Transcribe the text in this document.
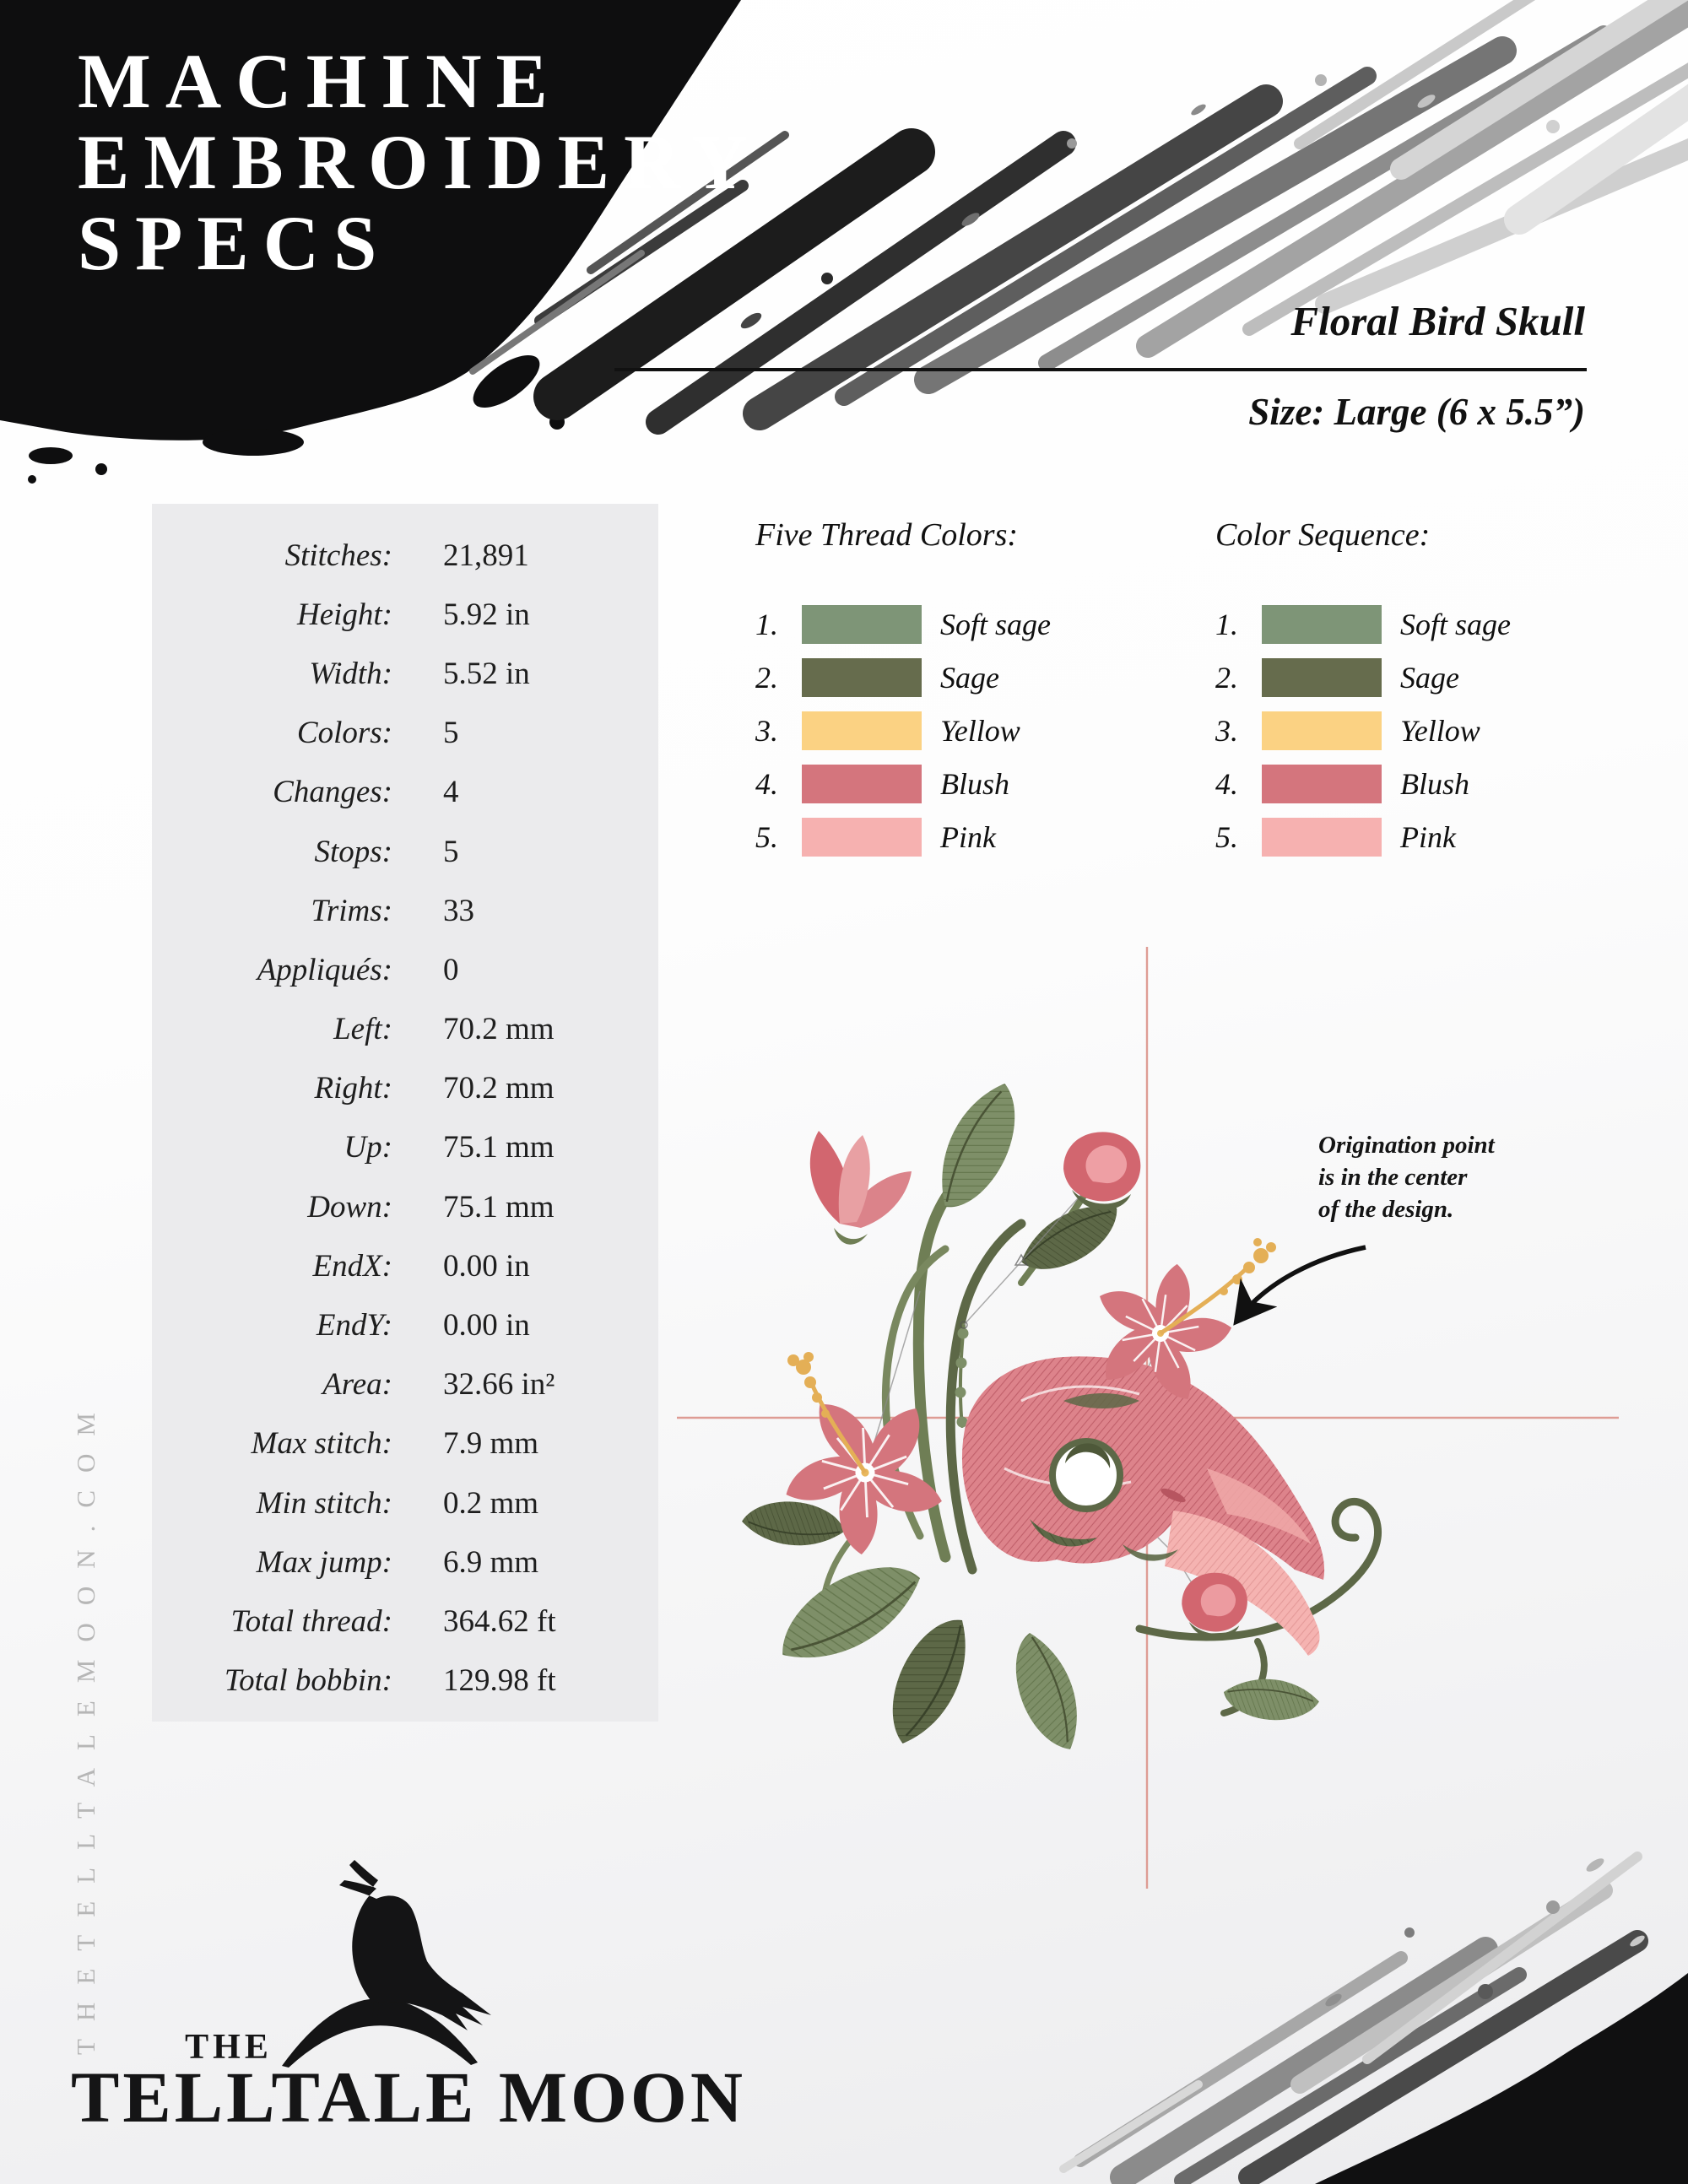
MACHINE
EMBROIDERY
SPECS
Floral Bird Skull
Size: Large (6 x 5.5”)
Stitches: 21,891
Height: 5.92 in
Width: 5.52 in
Colors: 5
Changes: 4
Stops: 5
Trims: 33
Appliqués: 0
Left: 70.2 mm
Right: 70.2 mm
Up: 75.1 mm
Down: 75.1 mm
EndX: 0.00 in
EndY: 0.00 in
Area: 32.66 in²
Max stitch: 7.9 mm
Min stitch: 0.2 mm
Max jump: 6.9 mm
Total thread: 364.62 ft
Total bobbin: 129.98 ft
Five Thread Colors:
1.	Soft sage
2.	Sage
3.	Yellow
4.	Blush
5.	Pink
Color Sequence:
1.	Soft sage
2.	Sage
3.	Yellow
4.	Blush
5.	Pink
Origination point
is in the center
of the design.
THETELLTALEMOON.COM	THE
TELLTALE MOON
